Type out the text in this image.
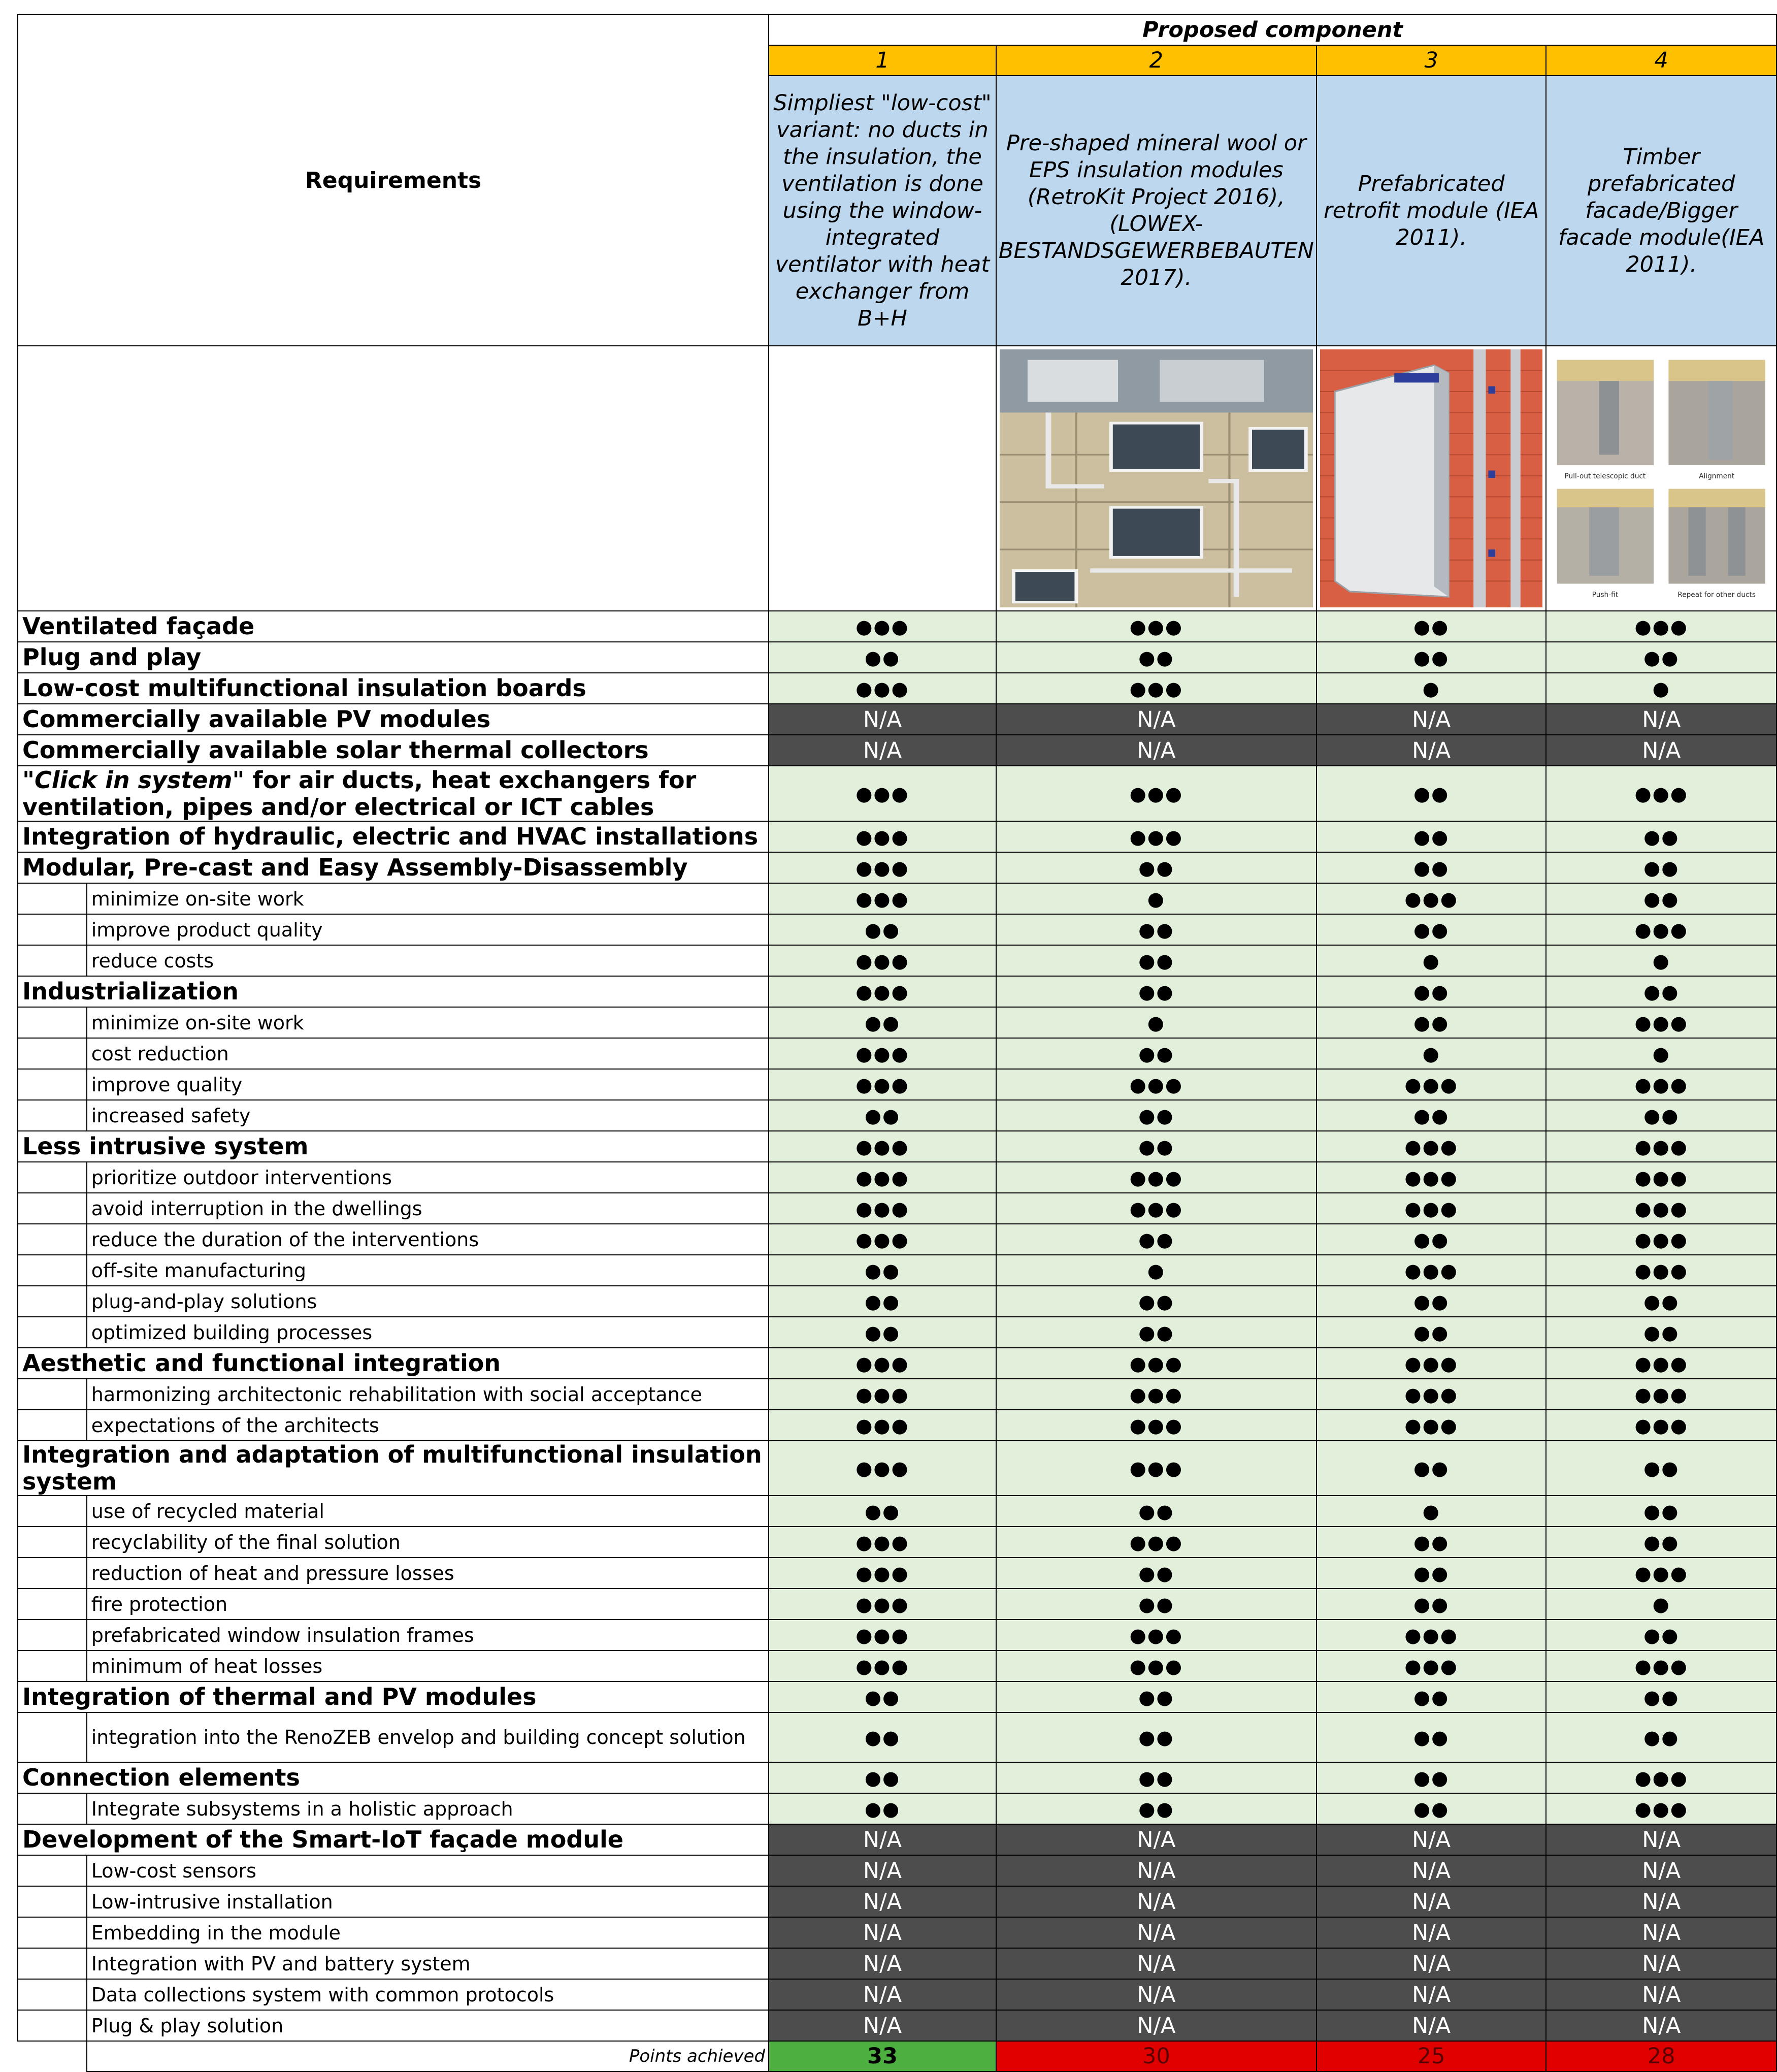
Requirements		Proposed component			
		1	2	3	4
		Simpliest "low-cost" variant: no ducts in the insulation, the ventilation is done using the window-integrated ventilator with heat exchanger from B+H	Pre-shaped mineral wool or EPS insulation modules (RetroKit Project 2016), (LOWEX-BESTANDSGEWERBEBAUTEN 2017).	Prefabricated retrofit module (IEA 2011).	Timber prefabricated facade/Bigger facade module(IEA 2011).

Pull-out telescopic duct Alignment
Push-fit Repeat for other ducts

Ventilated façade		●●●	●●●	●●	●●●
Plug and play		●●	●●	●●	●●
Low-cost multifunctional insulation boards		●●●	●●●	●	●
Commercially available PV modules		N/A	N/A	N/A	N/A
Commercially available solar thermal collectors		N/A	N/A	N/A	N/A
"Click in system" for air ducts, heat exchangers for ventilation, pipes and/or electrical or ICT cables		●●●	●●●	●●	●●●
Integration of hydraulic, electric and HVAC installations		●●●	●●●	●●	●●
Modular, Pre-cast and Easy Assembly-Disassembly		●●●	●●	●●	●●
	minimize on-site work	●●●	●	●●●	●●
	improve product quality	●●	●●	●●	●●●
	reduce costs	●●●	●●	●	●
Industrialization		●●●	●●	●●	●●
	minimize on-site work	●●	●	●●	●●●
	cost reduction	●●●	●●	●	●
	improve quality	●●●	●●●	●●●	●●●
	increased safety	●●	●●	●●	●●
Less intrusive system		●●●	●●	●●●	●●●
	prioritize outdoor interventions	●●●	●●●	●●●	●●●
	avoid interruption in the dwellings	●●●	●●●	●●●	●●●
	reduce the duration of the interventions	●●●	●●	●●	●●●
	off-site manufacturing	●●	●	●●●	●●●
	plug-and-play solutions	●●	●●	●●	●●
	optimized building processes	●●	●●	●●	●●
Aesthetic and functional integration		●●●	●●●	●●●	●●●
	harmonizing architectonic rehabilitation with social acceptance	●●●	●●●	●●●	●●●
	expectations of the architects	●●●	●●●	●●●	●●●
Integration and adaptation of multifunctional insulation system		●●●	●●●	●●	●●
	use of recycled material	●●	●●	●	●●
	recyclability of the final solution	●●●	●●●	●●	●●
	reduction of heat and pressure losses	●●●	●●	●●	●●●
	fire protection	●●●	●●	●●	●
	prefabricated window insulation frames	●●●	●●●	●●●	●●
	minimum of heat losses	●●●	●●●	●●●	●●●
Integration of thermal and PV modules		●●	●●	●●	●●
	integration into the RenoZEB envelop and building concept solution	●●	●●	●●	●●
Connection elements		●●	●●	●●	●●●
	Integrate subsystems in a holistic approach	●●	●●	●●	●●●
Development of the Smart-IoT façade module		N/A	N/A	N/A	N/A
	Low-cost sensors	N/A	N/A	N/A	N/A
	Low-intrusive installation	N/A	N/A	N/A	N/A
	Embedding in the module	N/A	N/A	N/A	N/A
	Integration with PV and battery system	N/A	N/A	N/A	N/A
	Data collections system with common protocols	N/A	N/A	N/A	N/A
	Plug & play solution	N/A	N/A	N/A	N/A
	Points achieved	33	30	25	28
